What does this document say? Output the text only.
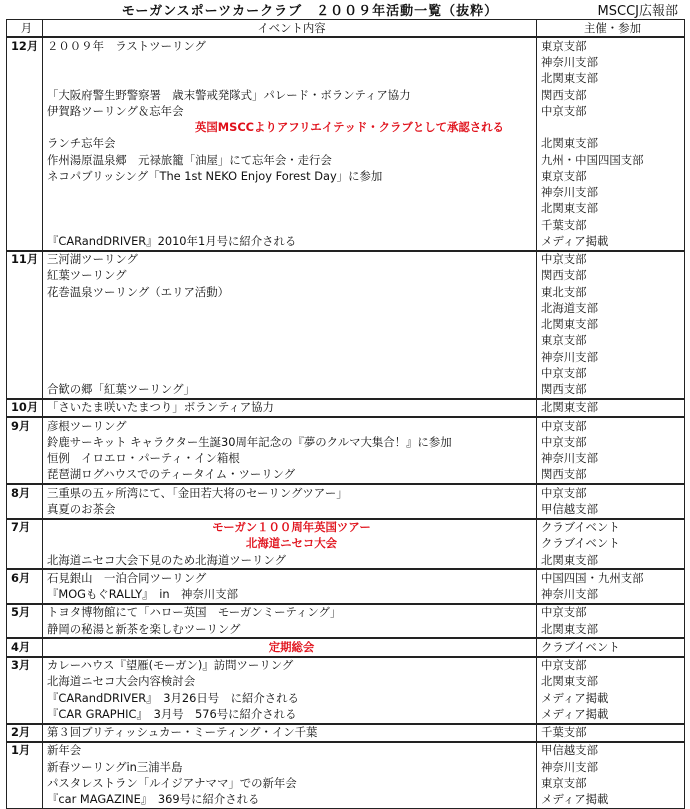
モーガンスポーツカークラブ　２００９年活動一覧（抜粋）	MSCCJ広報部
月	イベント内容	主催・参加
12月	２００９年　ラストツーリング	東京支部
		神奈川支部
		北関東支部
	「大阪府警生野警察署　歳末警戒発隊式」パレード・ボランティア協力	関西支部
	伊賀路ツーリング＆忘年会	中京支部
	英国MSCCよりアフリエイテッド・クラブとして承認される	
	ランチ忘年会	北関東支部
	作州湯原温泉郷　元禄旅籠「油屋」にて忘年会・走行会	九州・中国四国支部
	ネコパブリッシング「The 1st NEKO Enjoy Forest Day」に参加	東京支部
		神奈川支部
		北関東支部
		千葉支部
	『CARandDRIVER』2010年1月号に紹介される	メディア掲載
11月	三河湖ツーリング	中京支部
	紅葉ツーリング	関西支部
	花巻温泉ツーリング（エリア活動）	東北支部
		北海道支部
		北関東支部
		東京支部
		神奈川支部
		中京支部
	合歓の郷「紅葉ツーリング」	関西支部
10月	「さいたま咲いたまつり」ボランティア協力	北関東支部
9月	彦根ツーリング	中京支部
	鈴鹿サーキット キャラクター生誕30周年記念の『夢のクルマ大集合！』に参加	中京支部
	恒例　イロエロ・パーティ・イン箱根	神奈川支部
	琵琶湖ログハウスでのティータイム・ツーリング	関西支部
8月	三重県の五ヶ所湾にて、「金田若大将のセーリングツアー」	中京支部
	真夏のお茶会	甲信越支部
7月	モーガン１００周年英国ツアー	クラブイベント
	北海道ニセコ大会	クラブイベント
	北海道ニセコ大会下見のため北海道ツーリング	北関東支部
6月	石見銀山　一泊合同ツーリング	中国四国・九州支部
	『MOGもぐRALLY』　in　神奈川支部	神奈川支部
5月	トヨタ博物館にて「ハロー英国　モーガンミーティング」	中京支部
	静岡の秘湯と新茶を楽しむツーリング	北関東支部
4月	定期総会	クラブイベント
3月	カレーハウス『望雁(モーガン)』訪問ツーリング	中京支部
	北海道ニセコ大会内容検討会	北関東支部
	『CARandDRIVER』　3月26日号　に紹介される	メディア掲載
	『CAR GRAPHIC』　3月号　576号に紹介される	メディア掲載
2月	第３回ブリティッシュカー・ミーティング・イン千葉	千葉支部
1月	新年会	甲信越支部
	新春ツーリングin三浦半島	神奈川支部
	パスタレストラン「ルイジアナママ」での新年会	東京支部
	『car MAGAZINE』　369号に紹介される	メディア掲載
